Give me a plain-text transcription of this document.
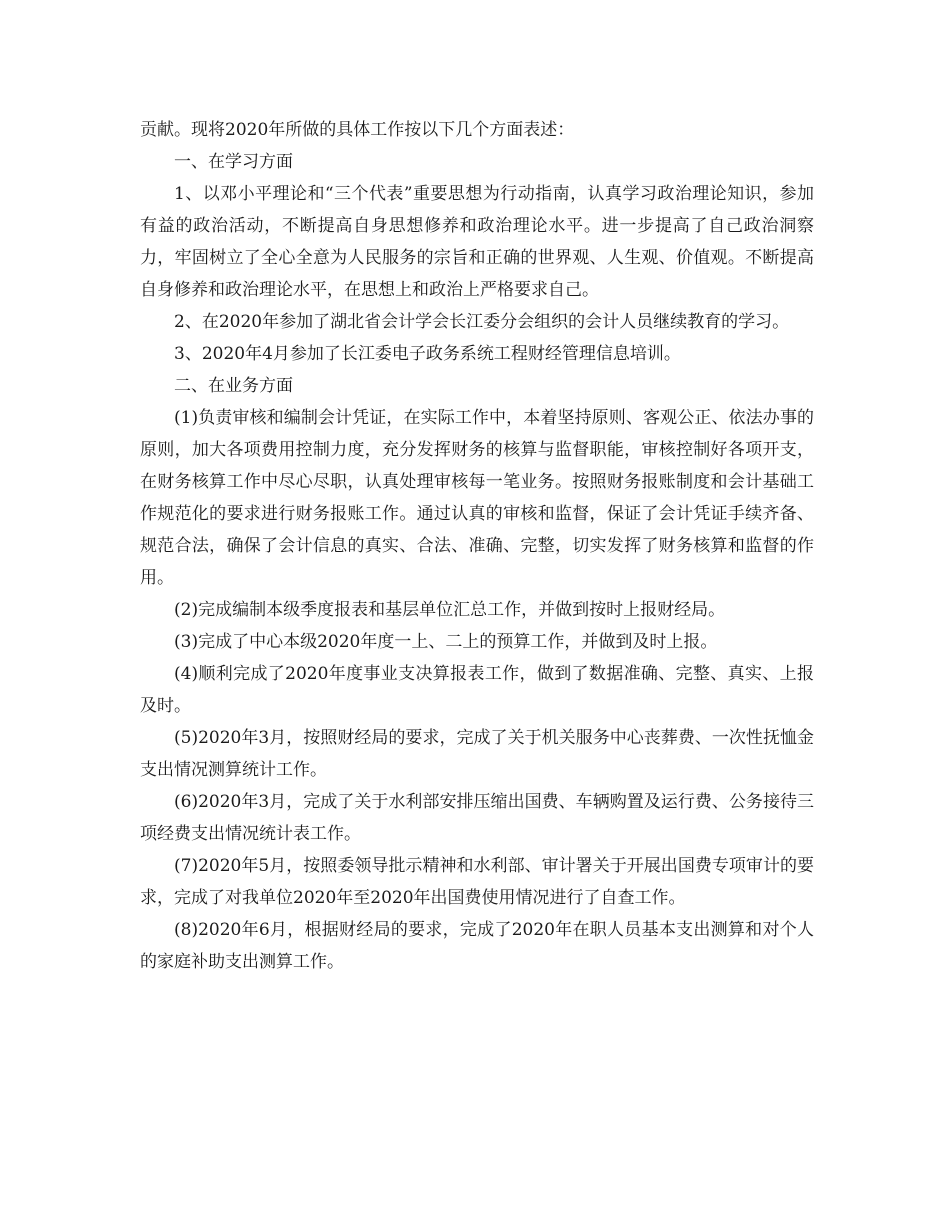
贡献。现将2020年所做的具体工作按以下几个方面表述：

一、在学习方面

1、以邓小平理论和“三个代表”重要思想为行动指南，认真学习政治理论知识，参加有益的政治活动，不断提高自身思想修养和政治理论水平。进一步提高了自己政治洞察力，牢固树立了全心全意为人民服务的宗旨和正确的世界观、人生观、价值观。不断提高自身修养和政治理论水平，在思想上和政治上严格要求自己。

2、在2020年参加了湖北省会计学会长江委分会组织的会计人员继续教育的学习。

3、2020年4月参加了长江委电子政务系统工程财经管理信息培训。

二、在业务方面

(1)负责审核和编制会计凭证，在实际工作中，本着坚持原则、客观公正、依法办事的原则，加大各项费用控制力度，充分发挥财务的核算与监督职能，审核控制好各项开支，在财务核算工作中尽心尽职，认真处理审核每一笔业务。按照财务报账制度和会计基础工作规范化的要求进行财务报账工作。通过认真的审核和监督，保证了会计凭证手续齐备、规范合法，确保了会计信息的真实、合法、准确、完整，切实发挥了财务核算和监督的作用。

(2)完成编制本级季度报表和基层单位汇总工作，并做到按时上报财经局。

(3)完成了中心本级2020年度一上、二上的预算工作，并做到及时上报。

(4)顺利完成了2020年度事业支决算报表工作，做到了数据准确、完整、真实、上报及时。

(5)2020年3月，按照财经局的要求，完成了关于机关服务中心丧葬费、一次性抚恤金支出情况测算统计工作。

(6)2020年3月，完成了关于水利部安排压缩出国费、车辆购置及运行费、公务接待三项经费支出情况统计表工作。

(7)2020年5月，按照委领导批示精神和水利部、审计署关于开展出国费专项审计的要求，完成了对我单位2020年至2020年出国费使用情况进行了自查工作。

(8)2020年6月，根据财经局的要求，完成了2020年在职人员基本支出测算和对个人的家庭补助支出测算工作。
